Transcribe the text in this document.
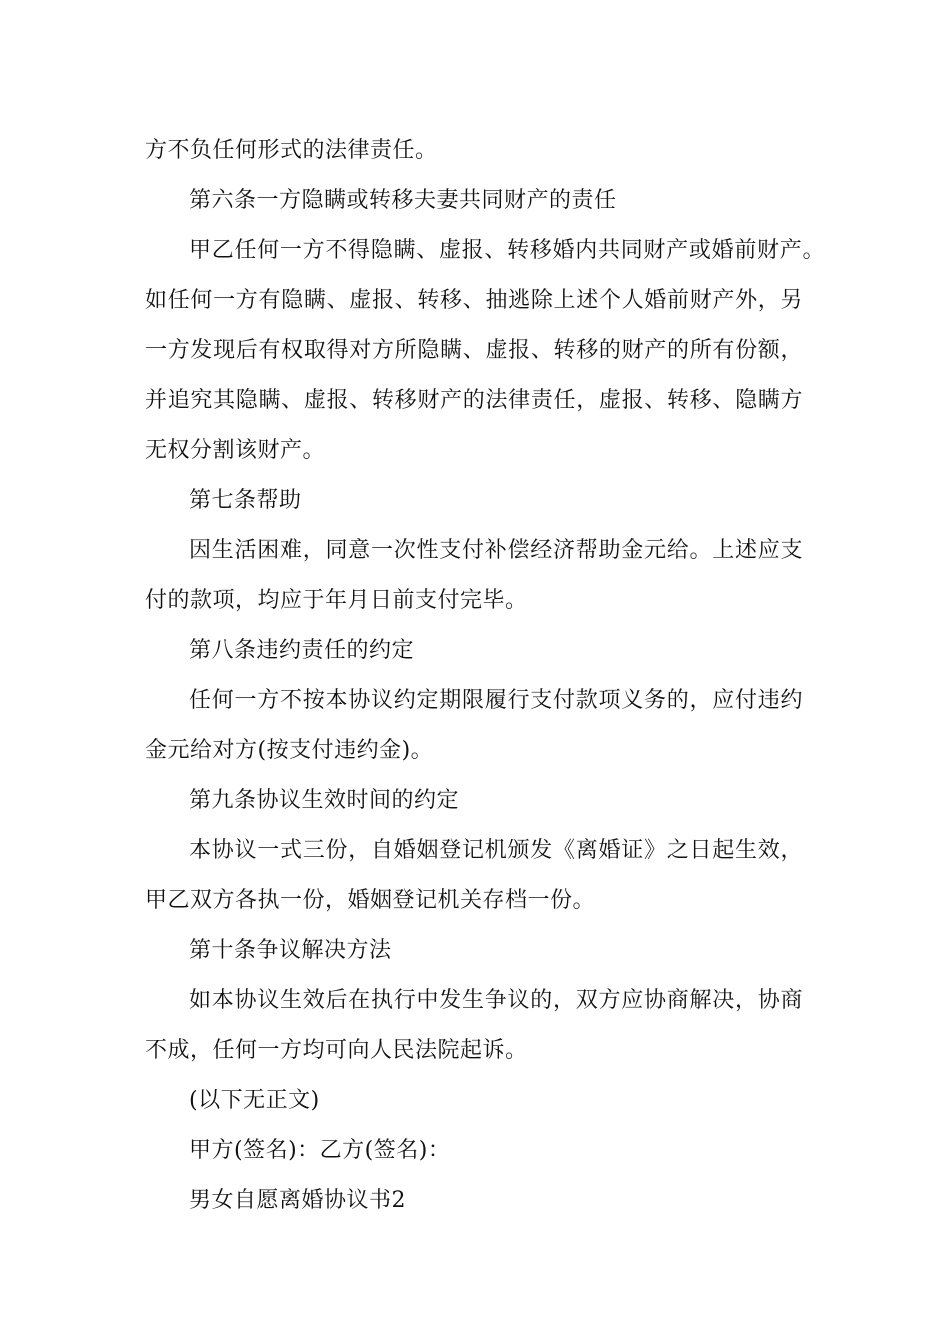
方不负任何形式的法律责任。
第六条一方隐瞒或转移夫妻共同财产的责任
甲乙任何一方不得隐瞒、虚报、转移婚内共同财产或婚前财产。
如任何一方有隐瞒、虚报、转移、抽逃除上述个人婚前财产外，另
一方发现后有权取得对方所隐瞒、虚报、转移的财产的所有份额，
并追究其隐瞒、虚报、转移财产的法律责任，虚报、转移、隐瞒方
无权分割该财产。
第七条帮助
因生活困难，同意一次性支付补偿经济帮助金元给。上述应支
付的款项，均应于年月日前支付完毕。
第八条违约责任的约定
任何一方不按本协议约定期限履行支付款项义务的，应付违约
金元给对方(按支付违约金)。
第九条协议生效时间的约定
本协议一式三份，自婚姻登记机颁发《离婚证》之日起生效，
甲乙双方各执一份，婚姻登记机关存档一份。
第十条争议解决方法
如本协议生效后在执行中发生争议的，双方应协商解决，协商
不成，任何一方均可向人民法院起诉。
(以下无正文)
甲方(签名)：乙方(签名)：
男女自愿离婚协议书2
